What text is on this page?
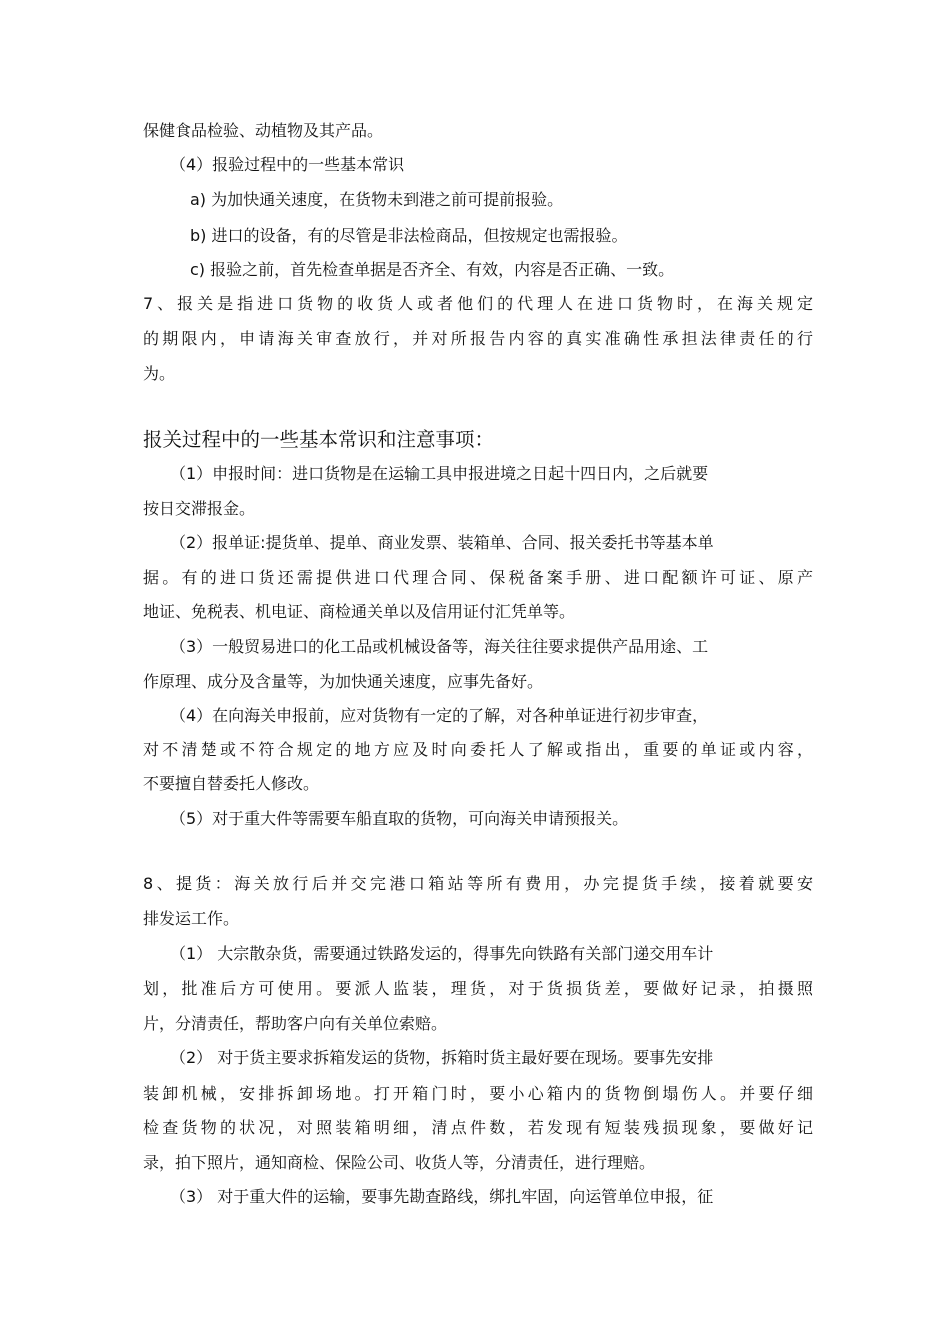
保健食品检验、动植物及其产品。
（4）报验过程中的一些基本常识
a) 为加快通关速度，在货物未到港之前可提前报验。
b) 进口的设备，有的尽管是非法检商品，但按规定也需报验。
c) 报验之前，首先检查单据是否齐全、有效，内容是否正确、一致。
7、报关是指进口货物的收货人或者他们的代理人在进口货物时，在海关规定
的期限内，申请海关审查放行，并对所报告内容的真实准确性承担法律责任的行
为。
报关过程中的一些基本常识和注意事项：
（1）申报时间：进口货物是在运输工具申报进境之日起十四日内，之后就要
按日交滞报金。
（2）报单证:提货单、提单、商业发票、装箱单、合同、报关委托书等基本单
据。有的进口货还需提供进口代理合同、保税备案手册、进口配额许可证、原产
地证、免税表、机电证、商检通关单以及信用证付汇凭单等。
（3）一般贸易进口的化工品或机械设备等，海关往往要求提供产品用途、工
作原理、成分及含量等，为加快通关速度，应事先备好。
（4）在向海关申报前，应对货物有一定的了解，对各种单证进行初步审查，
对不清楚或不符合规定的地方应及时向委托人了解或指出，重要的单证或内容，
不要擅自替委托人修改。
（5）对于重大件等需要车船直取的货物，可向海关申请预报关。
8、提货：海关放行后并交完港口箱站等所有费用，办完提货手续，接着就要安
排发运工作。
（1） 大宗散杂货，需要通过铁路发运的，得事先向铁路有关部门递交用车计
划，批准后方可使用。要派人监装，理货，对于货损货差，要做好记录，拍摄照
片，分清责任，帮助客户向有关单位索赔。
（2） 对于货主要求拆箱发运的货物，拆箱时货主最好要在现场。要事先安排
装卸机械，安排拆卸场地。打开箱门时，要小心箱内的货物倒塌伤人。并要仔细
检查货物的状况，对照装箱明细，清点件数，若发现有短装残损现象，要做好记
录，拍下照片，通知商检、保险公司、收货人等，分清责任，进行理赔。
（3） 对于重大件的运输，要事先勘查路线，绑扎牢固，向运管单位申报，征
